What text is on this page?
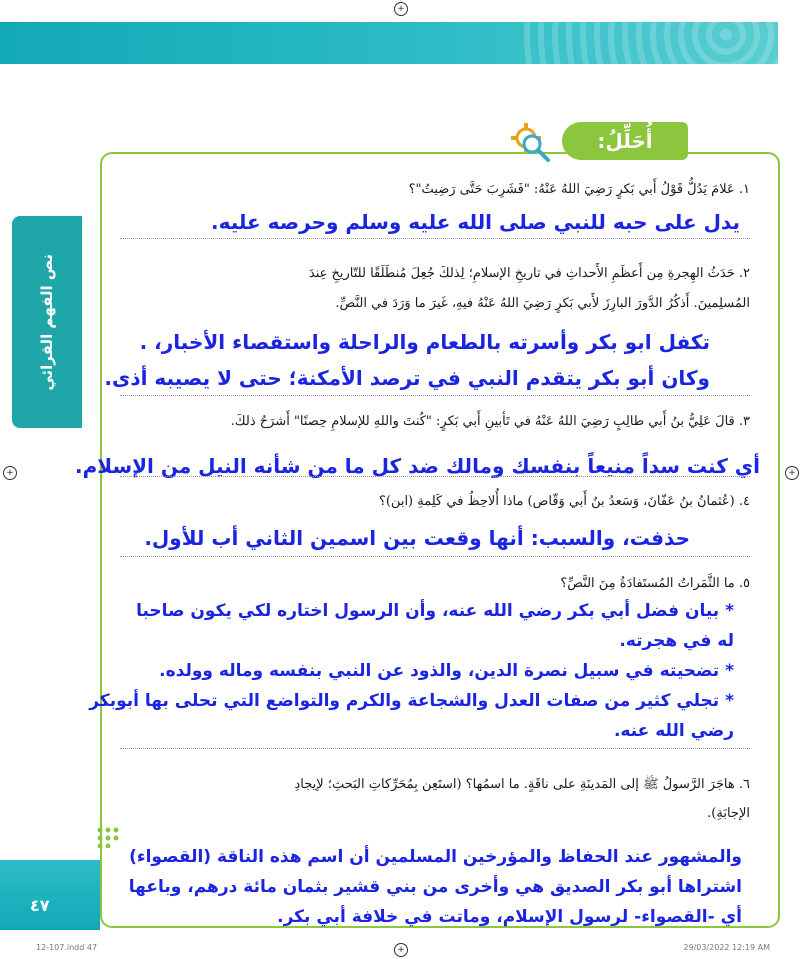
+
+	+
+
نص الفهم القرائي
أُحَلِّلُ:
١. عَلامَ يَدُلُّ قَوْلُ أَبي بَكرٍ رَضِيَ اللهُ عَنْهُ: "فَشَرِبَ حَتَّى رَضِيتُ"؟
يدل على حبه للنبي صلى الله عليه وسلم وحرصه عليه.
٢. حَدَثُ الهِجرةِ مِن أَعظَمِ الأَحداثِ في تاريخِ الإسلامِ؛ لِذلكَ جُعِلَ مُنطَلَقًا للتّاريخِ عِندَ
المُسلِمينَ. أَذكُرُ الدَّورَ البارِزَ لأَبي بَكرٍ رَضِيَ اللهُ عَنْهُ فيهِ، غَيرَ ما وَرَدَ في النَّصِّ.
تكفل ابو بكر وأسرته بالطعام والراحلة واستقصاء الأخبار، .
وكان أبو بكر يتقدم النبي في ترصد الأمكنة؛ حتى لا يصيبه أذى.
٣. قالَ عَلِيُّ بنُ أَبي طالِبٍ رَضِيَ اللهُ عَنْهُ في تَأبينِ أَبي بَكرٍ: "كُنتَ واللهِ للإسلامِ حِصنًا" أَشرَحُ ذلكَ.
أي كنت سداً منيعاً بنفسك ومالك ضد كل ما من شأنه النيل من الإسلام.
٤. (عُثمانُ بنُ عَفّانَ، وَسَعدُ بنُ أَبي وَقّاص) ماذا أُلاحِظُ في كَلِمةِ (ابن)؟
حذفت، والسبب: أنها وقعت بين اسمين الثاني أب للأول.
٥. ما الثَّمَراتُ المُستَفادَةُ مِنَ النَّصِّ؟
* بيان فضل أبي بكر رضي الله عنه، وأن الرسول اختاره لكي يكون صاحبا
له في هجرته.
* تضحيته في سبيل نصرة الدين، والذود عن النبي بنفسه وماله وولده.
* تجلي كثير من صفات العدل والشجاعة والكرم والتواضع التي تحلى بها أبوبكر
رضي الله عنه.
٦. هاجَرَ الرَّسولُ ﷺ إلى المَدينَةِ على ناقَةٍ. ما اسمُها؟ (استَعِن بِمُحَرِّكاتِ البَحثِ؛ لإيجادِ
الإجابَةِ).
والمشهور عند الحفاظ والمؤرخين المسلمين أن اسم هذه الناقة (القصواء)
اشتراها أبو بكر الصديق هي وأخرى من بني قشير بثمان مائة درهم، وباعها
أي -القصواء- لرسول الإسلام، وماتت في خلافة أبي بكر.
٤٧
12-107.indd 47	29/03/2022 12:19 AM
